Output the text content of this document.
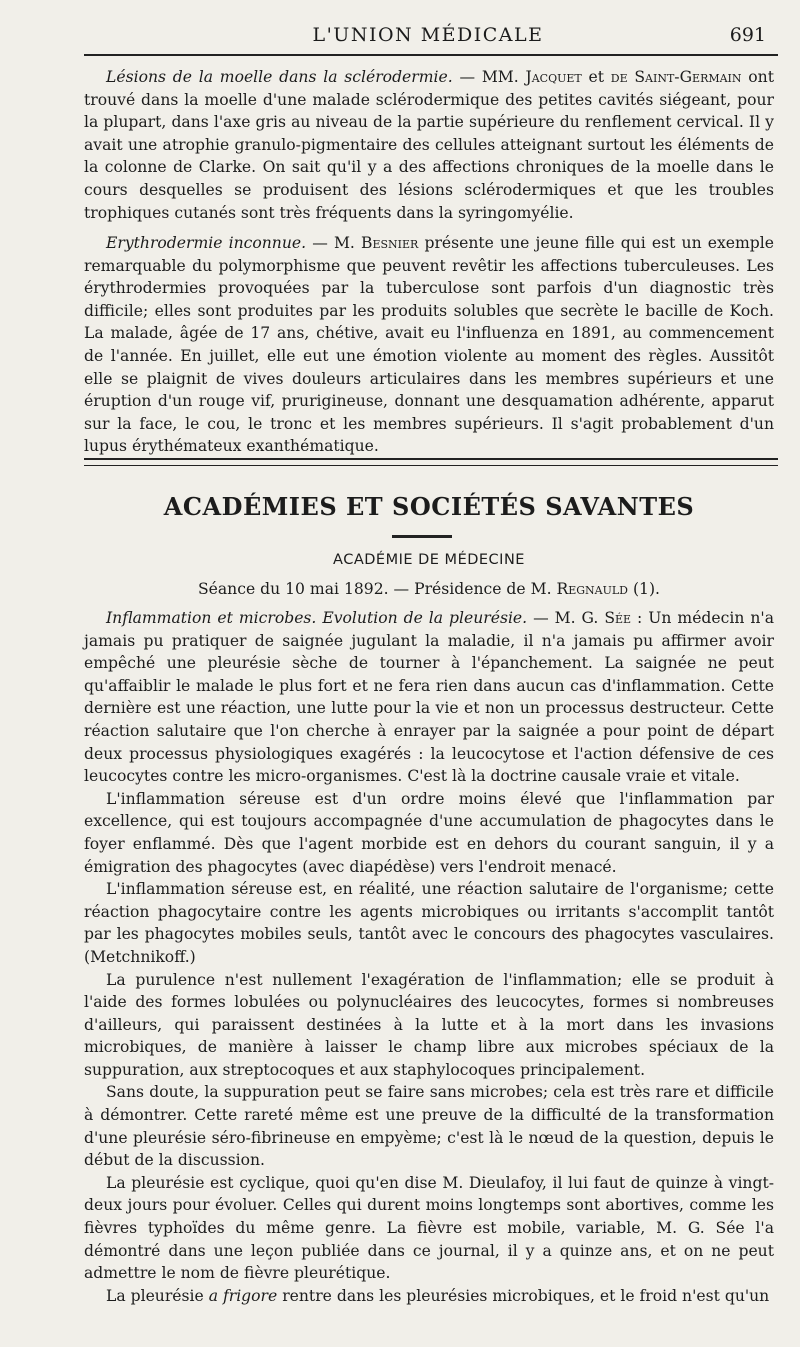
L'UNION MÉDICALE	691

Lésions de la moelle dans la sclérodermie. — MM. Jacquet et de Saint-Germain ont trouvé dans la moelle d'une malade sclérodermique des petites cavités siégeant, pour la plupart, dans l'axe gris au niveau de la partie supérieure du renflement cervical. Il y avait une atrophie granulo-pigmentaire des cellules atteignant surtout les éléments de la colonne de Clarke. On sait qu'il y a des affections chroniques de la moelle dans le cours desquelles se produisent des lésions sclérodermiques et que les troubles trophiques cutanés sont très fréquents dans la syringomyélie.

Erythrodermie inconnue. — M. Besnier présente une jeune fille qui est un exemple remarquable du polymorphisme que peuvent revêtir les affections tuberculeuses. Les érythrodermies provoquées par la tuberculose sont parfois d'un diagnostic très difficile; elles sont produites par les produits solubles que secrète le bacille de Koch. La malade, âgée de 17 ans, chétive, avait eu l'influenza en 1891, au commencement de l'année. En juillet, elle eut une émotion violente au moment des règles. Aussitôt elle se plaignit de vives douleurs articulaires dans les membres supérieurs et une éruption d'un rouge vif, prurigineuse, donnant une desquamation adhérente, apparut sur la face, le cou, le tronc et les membres supérieurs. Il s'agit probablement d'un lupus érythémateux exanthématique.

ACADÉMIES ET SOCIÉTÉS SAVANTES
ACADÉMIE DE MÉDECINE
Séance du 10 mai 1892. — Présidence de M. Regnauld (1).

Inflammation et microbes. Evolution de la pleurésie. — M. G. Sée : Un médecin n'a jamais pu pratiquer de saignée jugulant la maladie, il n'a jamais pu affirmer avoir empêché une pleurésie sèche de tourner à l'épanchement. La saignée ne peut qu'affaiblir le malade le plus fort et ne fera rien dans aucun cas d'inflammation. Cette dernière est une réaction, une lutte pour la vie et non un processus destructeur. Cette réaction salutaire que l'on cherche à enrayer par la saignée a pour point de départ deux processus physiologiques exagérés : la leucocytose et l'action défensive de ces leucocytes contre les micro-organismes. C'est là la doctrine causale vraie et vitale.

L'inflammation séreuse est d'un ordre moins élevé que l'inflammation par excellence, qui est toujours accompagnée d'une accumulation de phagocytes dans le foyer enflammé. Dès que l'agent morbide est en dehors du courant sanguin, il y a émigration des phagocytes (avec diapédèse) vers l'endroit menacé.

L'inflammation séreuse est, en réalité, une réaction salutaire de l'organisme; cette réaction phagocytaire contre les agents microbiques ou irritants s'accomplit tantôt par les phagocytes mobiles seuls, tantôt avec le concours des phagocytes vasculaires. (Metchnikoff.)

La purulence n'est nullement l'exagération de l'inflammation; elle se produit à l'aide des formes lobulées ou polynucléaires des leucocytes, formes si nombreuses d'ailleurs, qui paraissent destinées à la lutte et à la mort dans les invasions microbiques, de manière à laisser le champ libre aux microbes spéciaux de la suppuration, aux streptocoques et aux staphylocoques principalement.

Sans doute, la suppuration peut se faire sans microbes; cela est très rare et difficile à démontrer. Cette rareté même est une preuve de la difficulté de la transformation d'une pleurésie séro-fibrineuse en empyème; c'est là le nœud de la question, depuis le début de la discussion.

La pleurésie est cyclique, quoi qu'en dise M. Dieulafoy, il lui faut de quinze à vingt-deux jours pour évoluer. Celles qui durent moins longtemps sont abortives, comme les fièvres typhoïdes du même genre. La fièvre est mobile, variable, M. G. Sée l'a démontré dans une leçon publiée dans ce journal, il y a quinze ans, et on ne peut admettre le nom de fièvre pleurétique.

La pleurésie a frigore rentre dans les pleurésies microbiques, et le froid n'est qu'un
